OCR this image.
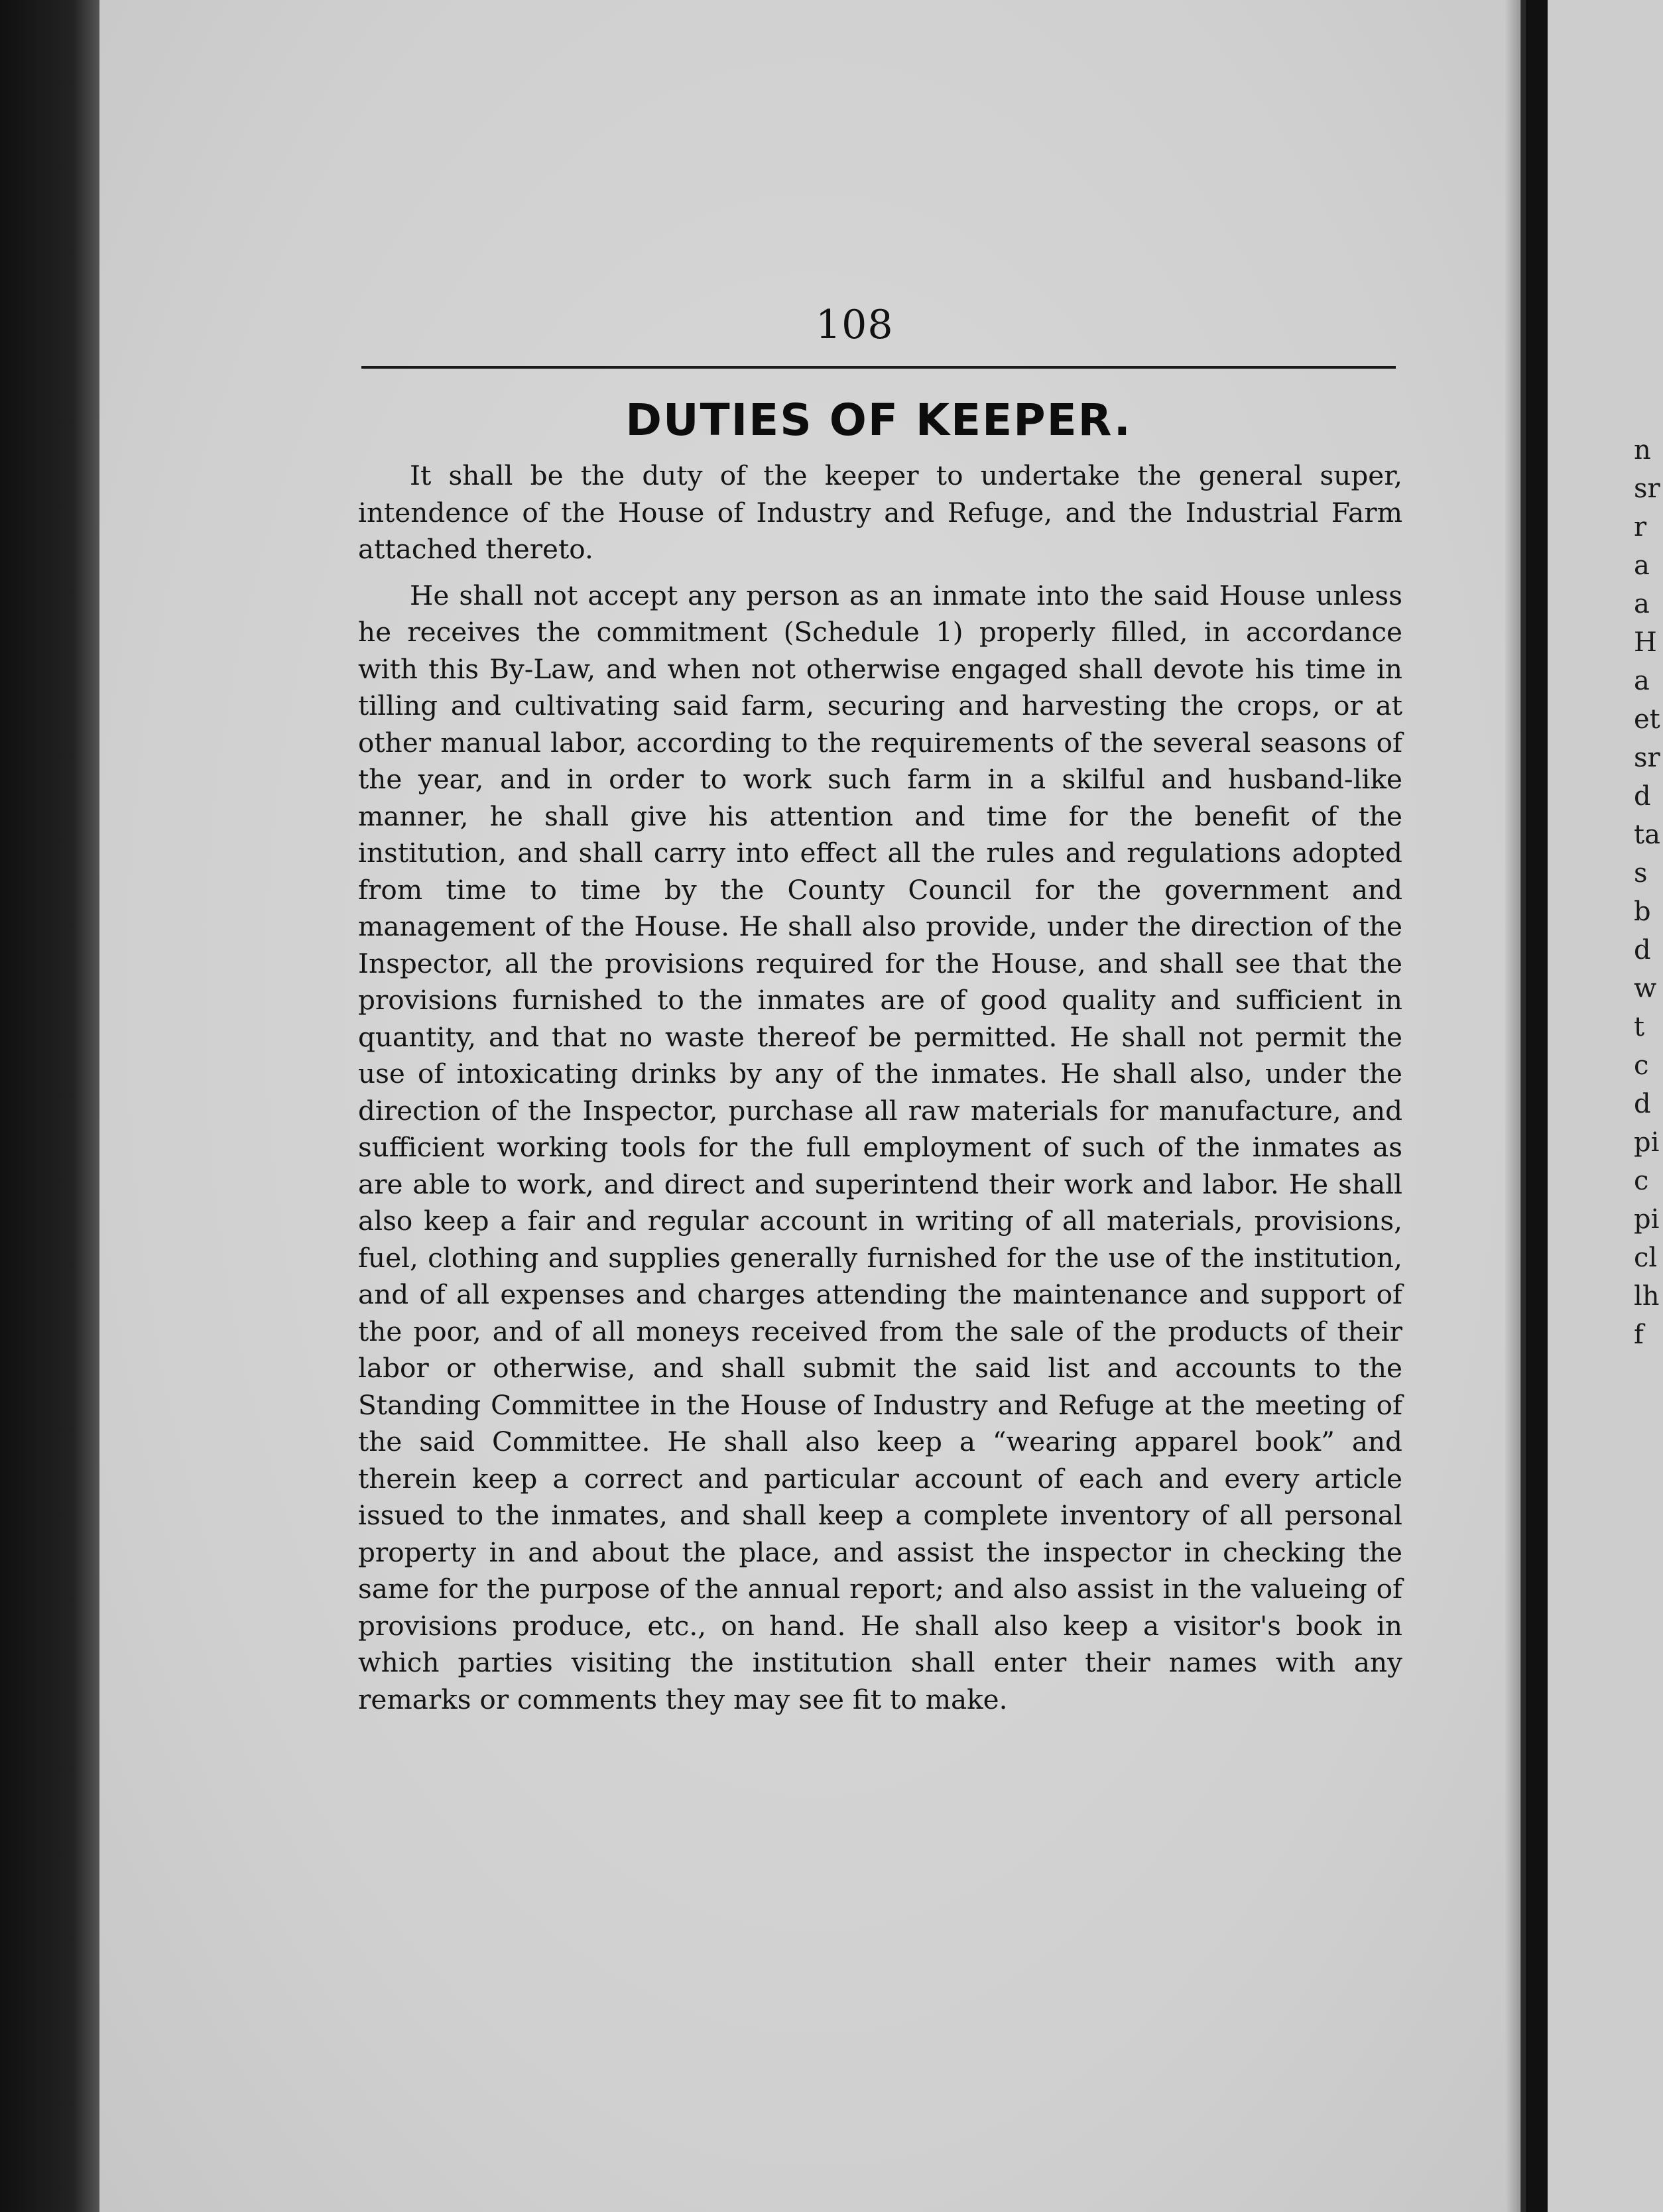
nsrraaHaet srdtas bdwt c dpi cpicllhf
108
DUTIES OF KEEPER.

It shall be the duty of the keeper to undertake the general super, intendence of the House of Industry and Refuge, and the Industrial Farm attached thereto.

He shall not accept any person as an inmate into the said House unless he receives the commitment (Schedule 1) properly filled, in accordance with this By-Law, and when not otherwise engaged shall devote his time in tilling and cultivating said farm, securing and harvesting the crops, or at other manual labor, according to the requirements of the several seasons of the year, and in order to work such farm in a skilful and husband-like manner, he shall give his attention and time for the benefit of the institution, and shall carry into effect all the rules and regulations adopted from time to time by the County Council for the government and management of the House. He shall also provide, under the direction of the Inspector, all the provisions required for the House, and shall see that the provisions furnished to the inmates are of good quality and sufficient in quantity, and that no waste thereof be permitted. He shall not permit the use of intoxicating drinks by any of the inmates. He shall also, under the direction of the Inspector, purchase all raw materials for manufacture, and sufficient working tools for the full employment of such of the inmates as are able to work, and direct and superintend their work and labor. He shall also keep a fair and regular account in writing of all materials, provisions, fuel, clothing and supplies generally furnished for the use of the institution, and of all expenses and charges attending the maintenance and support of the poor, and of all moneys received from the sale of the products of their labor or otherwise, and shall submit the said list and accounts to the Standing Committee in the House of Industry and Refuge at the meeting of the said Committee. He shall also keep a “wearing apparel book” and therein keep a correct and particular account of each and every article issued to the inmates, and shall keep a complete inventory of all personal property in and about the place, and assist the inspector in checking the same for the purpose of the annual report; and also assist in the valueing of provisions produce, etc., on hand. He shall also keep a visitor's book in which parties visiting the institution shall enter their names with any remarks or comments they may see fit to make.
